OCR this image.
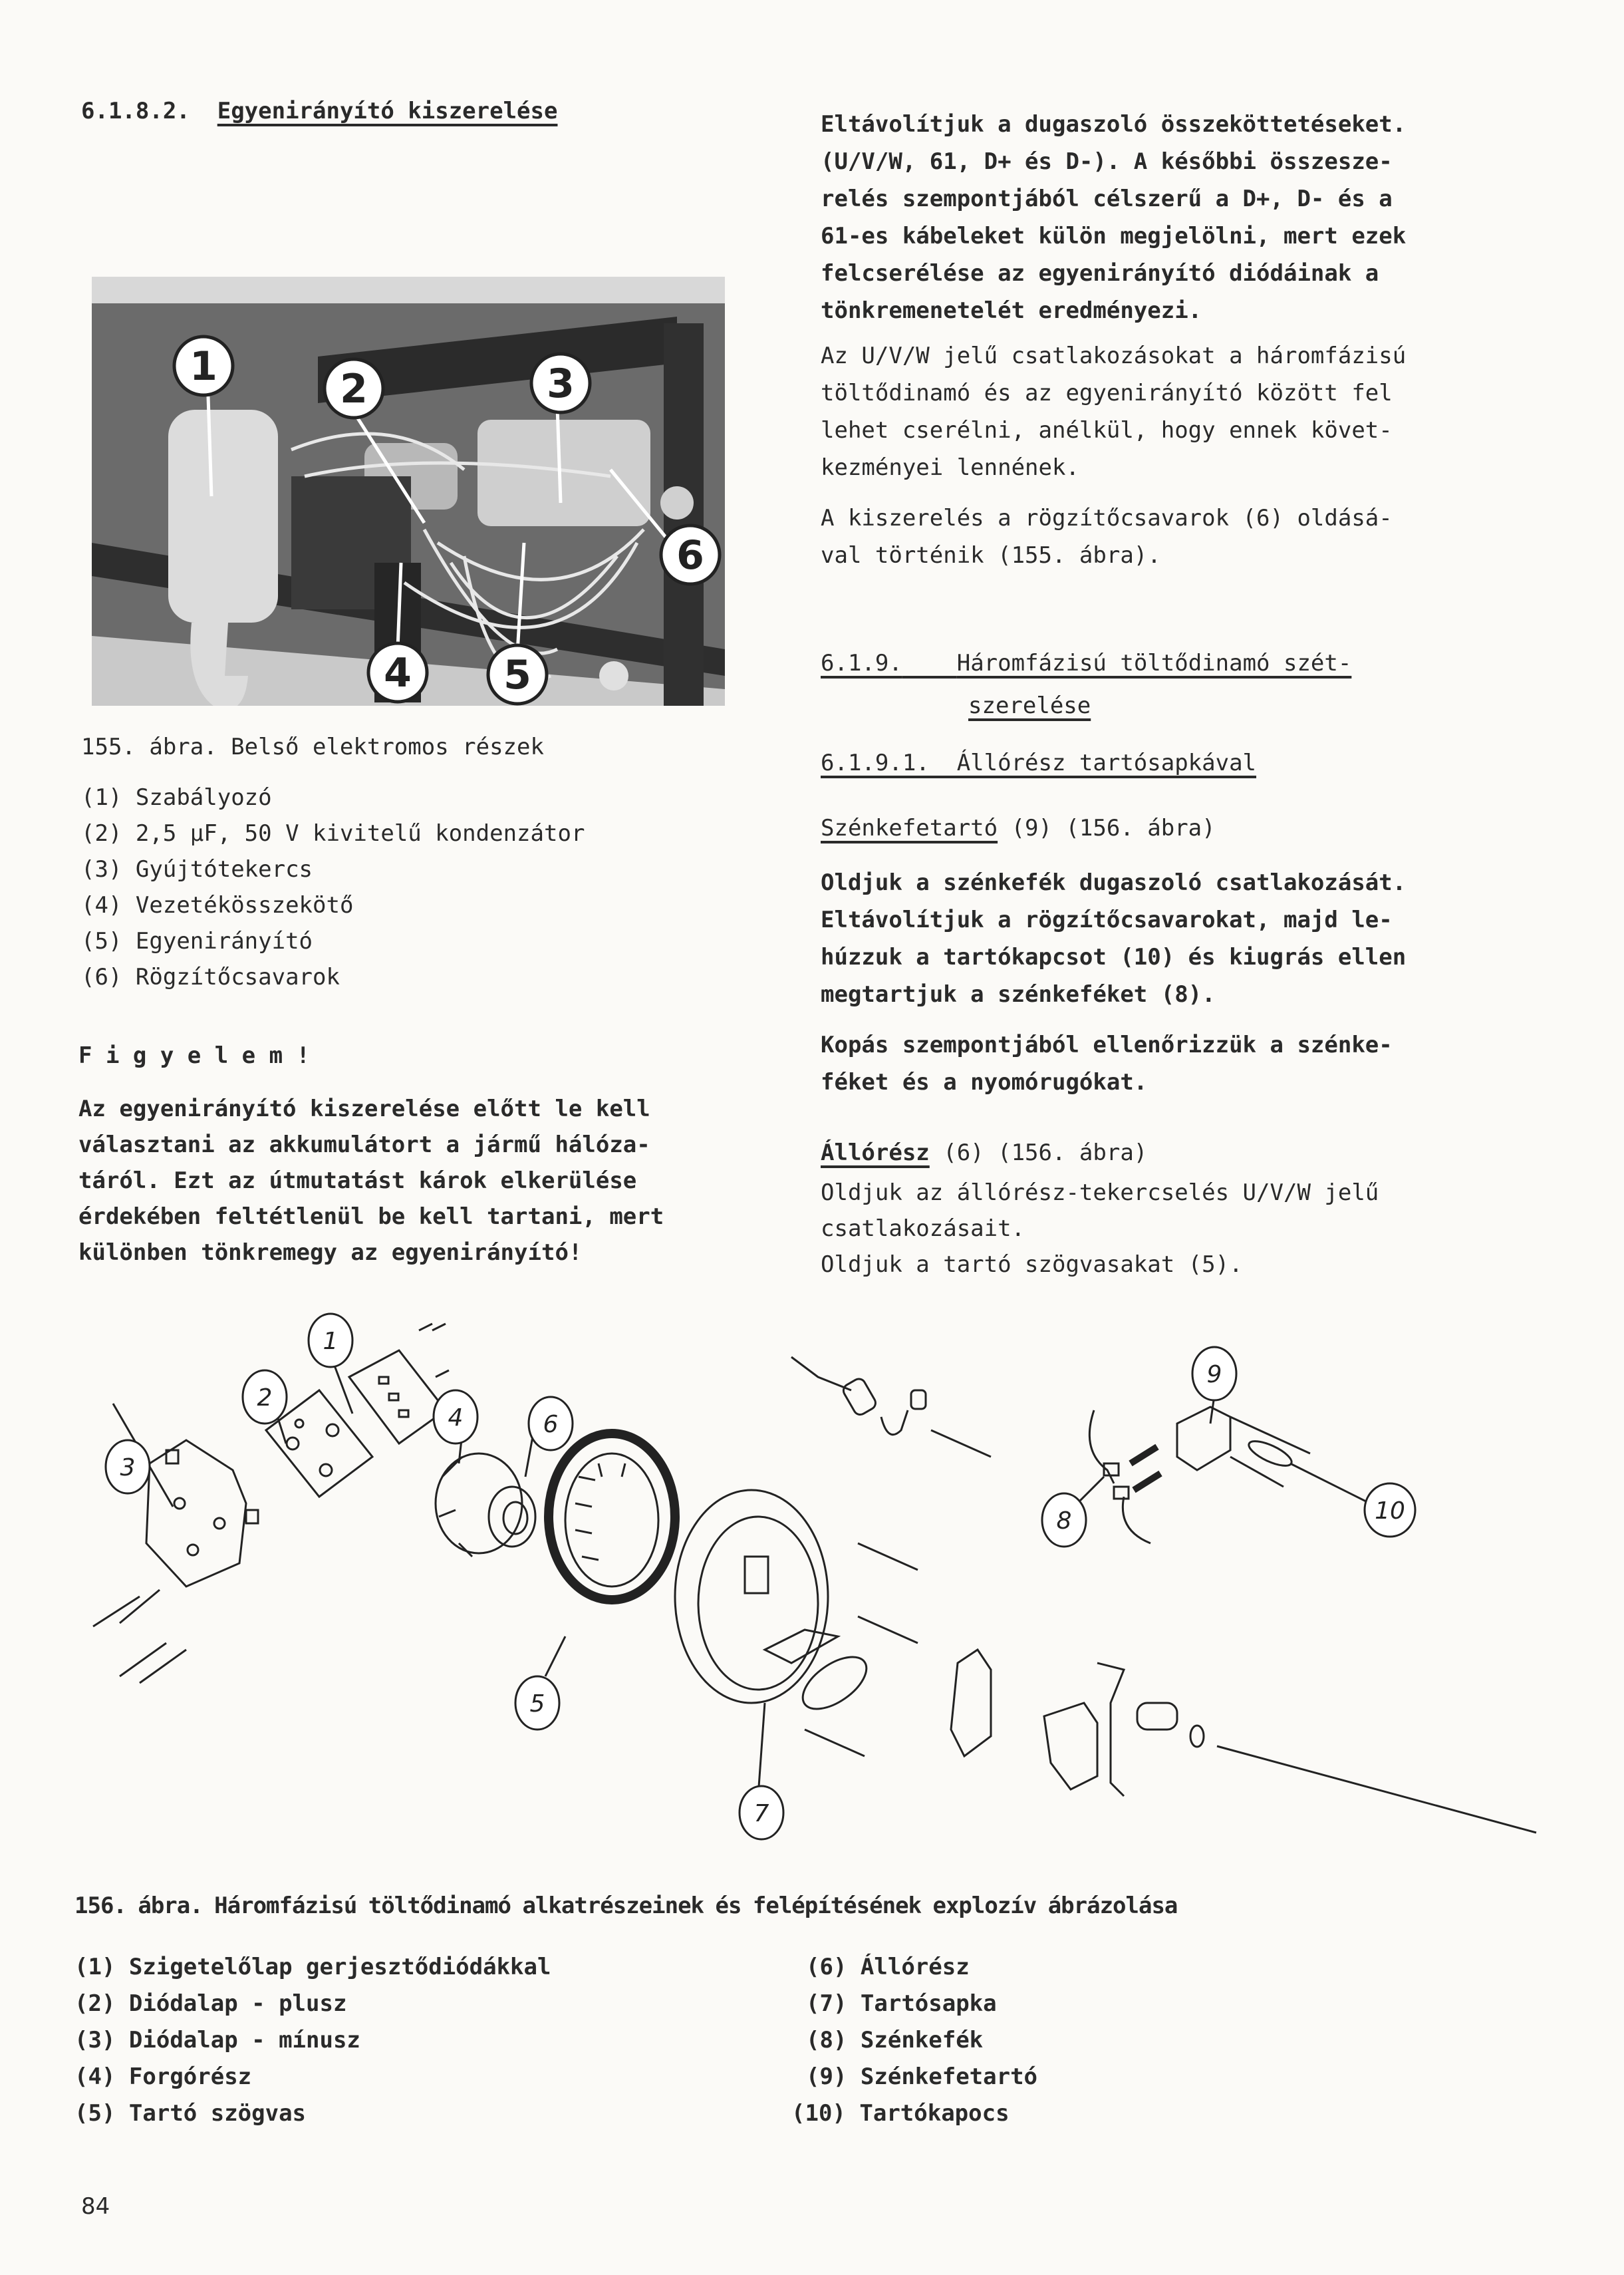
6.1.8.2. Egyenirányító kiszerelése
1	2	3
4 5
6
155. ábra. Belső elektromos részek
(1) Szabályozó
(2) 2,5 µF, 50 V kivitelű kondenzátor
(3) Gyújtótekercs
(4) Vezetékösszekötő
(5) Egyenirányító
(6) Rögzítőcsavarok
F i g y e l e m !
Az egyenirányító kiszerelése előtt le kell
választani az akkumulátort a jármű hálóza-
táról. Ezt az útmutatást károk elkerülése
érdekében feltétlenül be kell tartani, mert
különben tönkremegy az egyenirányító!
Eltávolítjuk a dugaszoló összeköttetéseket.
(U/V/W, 61, D+ és D-). A későbbi összesze-
relés szempontjából célszerű a D+, D- és a
61-es kábeleket külön megjelölni, mert ezek
felcserélése az egyenirányító diódáinak a
tönkremenetelét eredményezi.
Az U/V/W jelű csatlakozásokat a háromfázisú
töltődinamó és az egyenirányító között fel
lehet cserélni, anélkül, hogy ennek követ-
kezményei lennének.
A kiszerelés a rögzítőcsavarok (6) oldásá-
val történik (155. ábra).
6.1.9. Háromfázisú töltődinamó szét-
szerelése
6.1.9.1.  Állórész tartósapkával
Szénkefetartó (9) (156. ábra)
Oldjuk a szénkefék dugaszoló csatlakozását.
Eltávolítjuk a rögzítőcsavarokat, majd le-
húzzuk a tartókapcsot (10) és kiugrás ellen
megtartjuk a szénkeféket (8).
Kopás szempontjából ellenőrizzük a szénke-
féket és a nyomórugókat.
Állórész (6) (156. ábra)
Oldjuk az állórész-tekercselés U/V/W jelű
csatlakozásait.
Oldjuk a tartó szögvasakat (5).
1
2
3
4
5
6
7
8
9
10
156. ábra. Háromfázisú töltődinamó alkatrészeinek és felépítésének explozív ábrázolása
(1) Szigetelőlap gerjesztődiódákkal
(2) Diódalap - plusz
(3) Diódalap - mínusz
(4) Forgórész
(5) Tartó szögvas
(6) Állórész
(7) Tartósapka
(8) Szénkefék
(9) Szénkefetartó
(10) Tartókapocs
84
